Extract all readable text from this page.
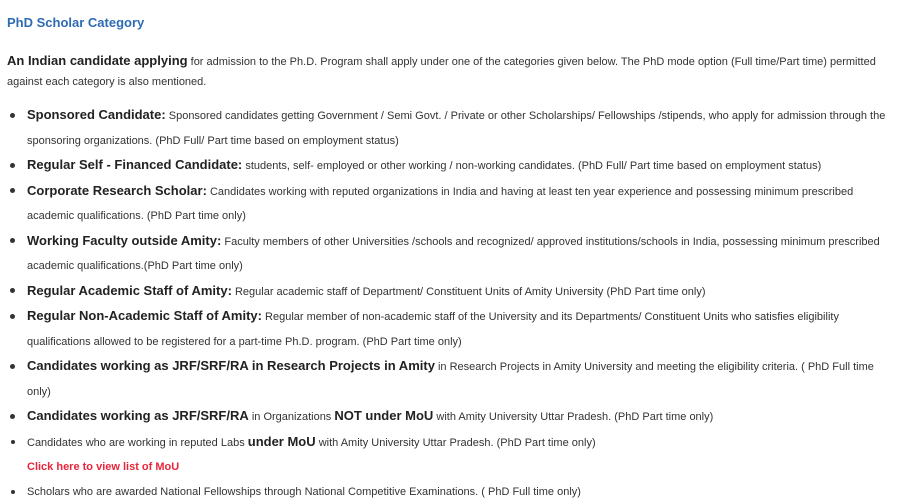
PhD Scholar Category

An Indian candidate applying for admission to the Ph.D. Program shall apply under one of the categories given below. The PhD mode option (Full time/Part time) permitted against each category is also mentioned.

Sponsored Candidate: Sponsored candidates getting Government / Semi Govt. / Private or other Scholarships/ Fellowships /stipends, who apply for admission through the sponsoring organizations. (PhD Full/ Part time based on employment status)
Regular Self - Financed Candidate: students, self- employed or other working / non-working candidates. (PhD Full/ Part time based on employment status)
Corporate Research Scholar: Candidates working with reputed organizations in India and having at least ten year experience and possessing minimum prescribed academic qualifications. (PhD Part time only)
Working Faculty outside Amity: Faculty members of other Universities /schools and recognized/ approved institutions/schools in India, possessing minimum prescribed academic qualifications.(PhD Part time only)
Regular Academic Staff of Amity: Regular academic staff of Department/ Constituent Units of Amity University (PhD Part time only)
Regular Non-Academic Staff of Amity: Regular member of non-academic staff of the University and its Departments/ Constituent Units who satisfies eligibility qualifications allowed to be registered for a part-time Ph.D. program. (PhD Part time only)
Candidates working as JRF/SRF/RA in Research Projects in Amity in Research Projects in Amity University and meeting the eligibility criteria. ( PhD Full time only)
Candidates working as JRF/SRF/RA in Organizations NOT under MoU with Amity University Uttar Pradesh. (PhD Part time only)
Candidates who are working in reputed Labs under MoU with Amity University Uttar Pradesh. (PhD Part time only)
Click here to view list of MoU
Scholars who are awarded National Fellowships through National Competitive Examinations. ( PhD Full time only)
